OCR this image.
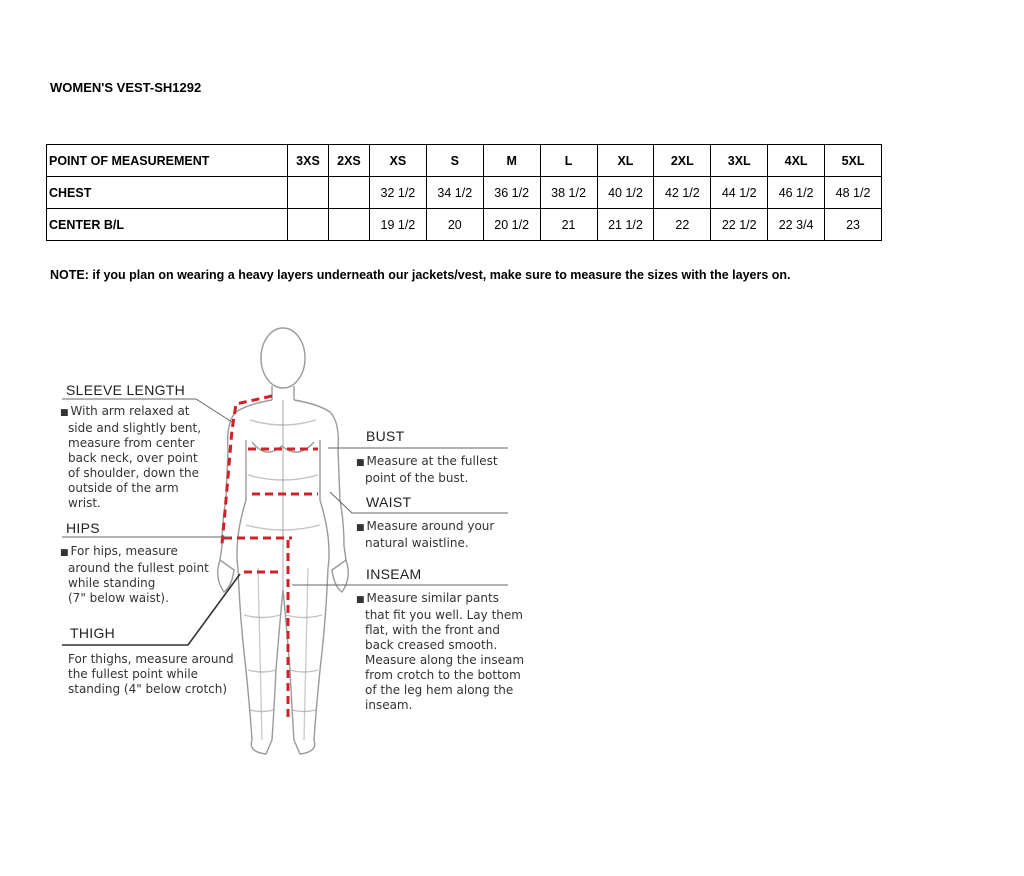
WOMEN'S VEST-SH1292
POINT OF MEASUREMENT	3XS	2XS	XS	S	M	L	XL	2XL	3XL	4XL	5XL
CHEST			32 1/2	34 1/2	36 1/2	38 1/2	40 1/2	42 1/2	44 1/2	46 1/2	48 1/2
CENTER B/L			19 1/2	20	20 1/2	21	21 1/2	22	22 1/2	22 3/4	23
NOTE: if you plan on wearing a heavy layers underneath our jackets/vest, make sure to measure the sizes with the layers on.
SLEEVE LENGTH
■ With arm relaxed at
side and slightly bent,
measure from center
back neck, over point
of shoulder, down the
outside of the arm
wrist.
HIPS
■ For hips, measure
around the fullest point
while standing
(7" below waist).
THIGH
For thighs, measure around
the fullest point while
standing (4" below crotch)
BUST
■ Measure at the fullest
point of the bust.
WAIST
■ Measure around your
natural waistline.
INSEAM
■ Measure similar pants
that fit you well. Lay them
flat, with the front and
back creased smooth.
Measure along the inseam
from crotch to the bottom
of the leg hem along the
inseam.
